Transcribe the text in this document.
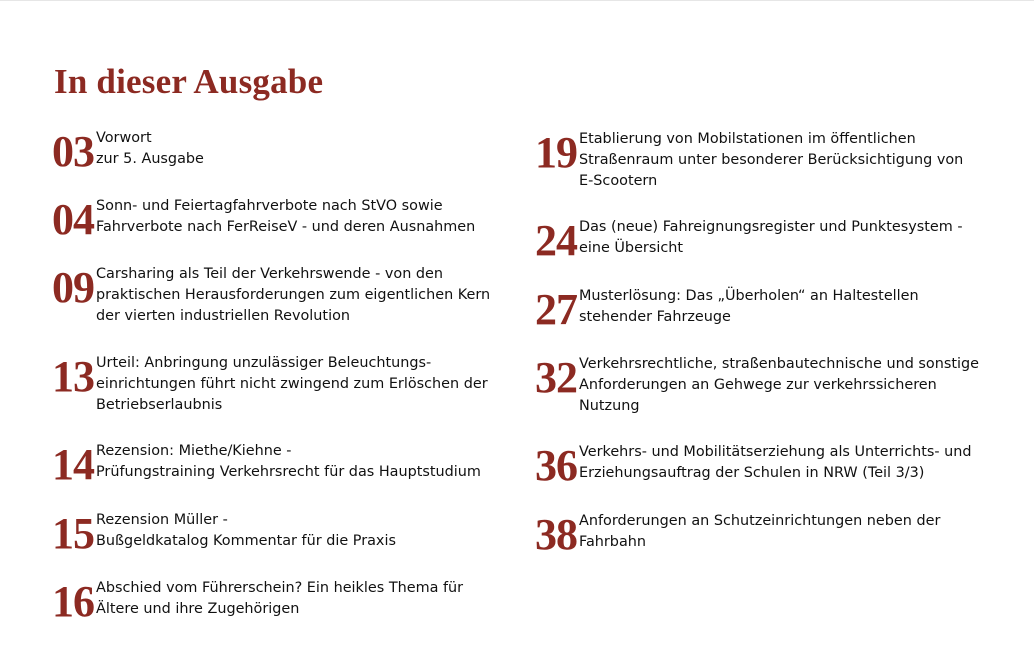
In dieser Ausgabe
03 Vorwort
zur 5. Ausgabe
04 Sonn- und Feiertagfahrverbote nach StVO sowie
Fahrverbote nach FerReiseV - und deren Ausnahmen
09 Carsharing als Teil der Verkehrswende - von den
praktischen Herausforderungen zum eigentlichen Kern
der vierten industriellen Revolution
13 Urteil: Anbringung unzulässiger Beleuchtungs-
einrichtungen führt nicht zwingend zum Erlöschen der
Betriebserlaubnis
14 Rezension: Miethe/Kiehne -
Prüfungstraining Verkehrsrecht für das Hauptstudium
15 Rezension Müller -
Bußgeldkatalog Kommentar für die Praxis
16 Abschied vom Führerschein? Ein heikles Thema für
Ältere und ihre Zugehörigen
19 Etablierung von Mobilstationen im öffentlichen
Straßenraum unter besonderer Berücksichtigung von
E-Scootern
24 Das (neue) Fahreignungsregister und Punktesystem -
eine Übersicht
27 Musterlösung: Das „Überholen“ an Haltestellen
stehender Fahrzeuge
32 Verkehrsrechtliche, straßenbautechnische und sonstige
Anforderungen an Gehwege zur verkehrssicheren
Nutzung
36 Verkehrs- und Mobilitätserziehung als Unterrichts- und
Erziehungsauftrag der Schulen in NRW (Teil 3/3)
38 Anforderungen an Schutzeinrichtungen neben der
Fahrbahn
